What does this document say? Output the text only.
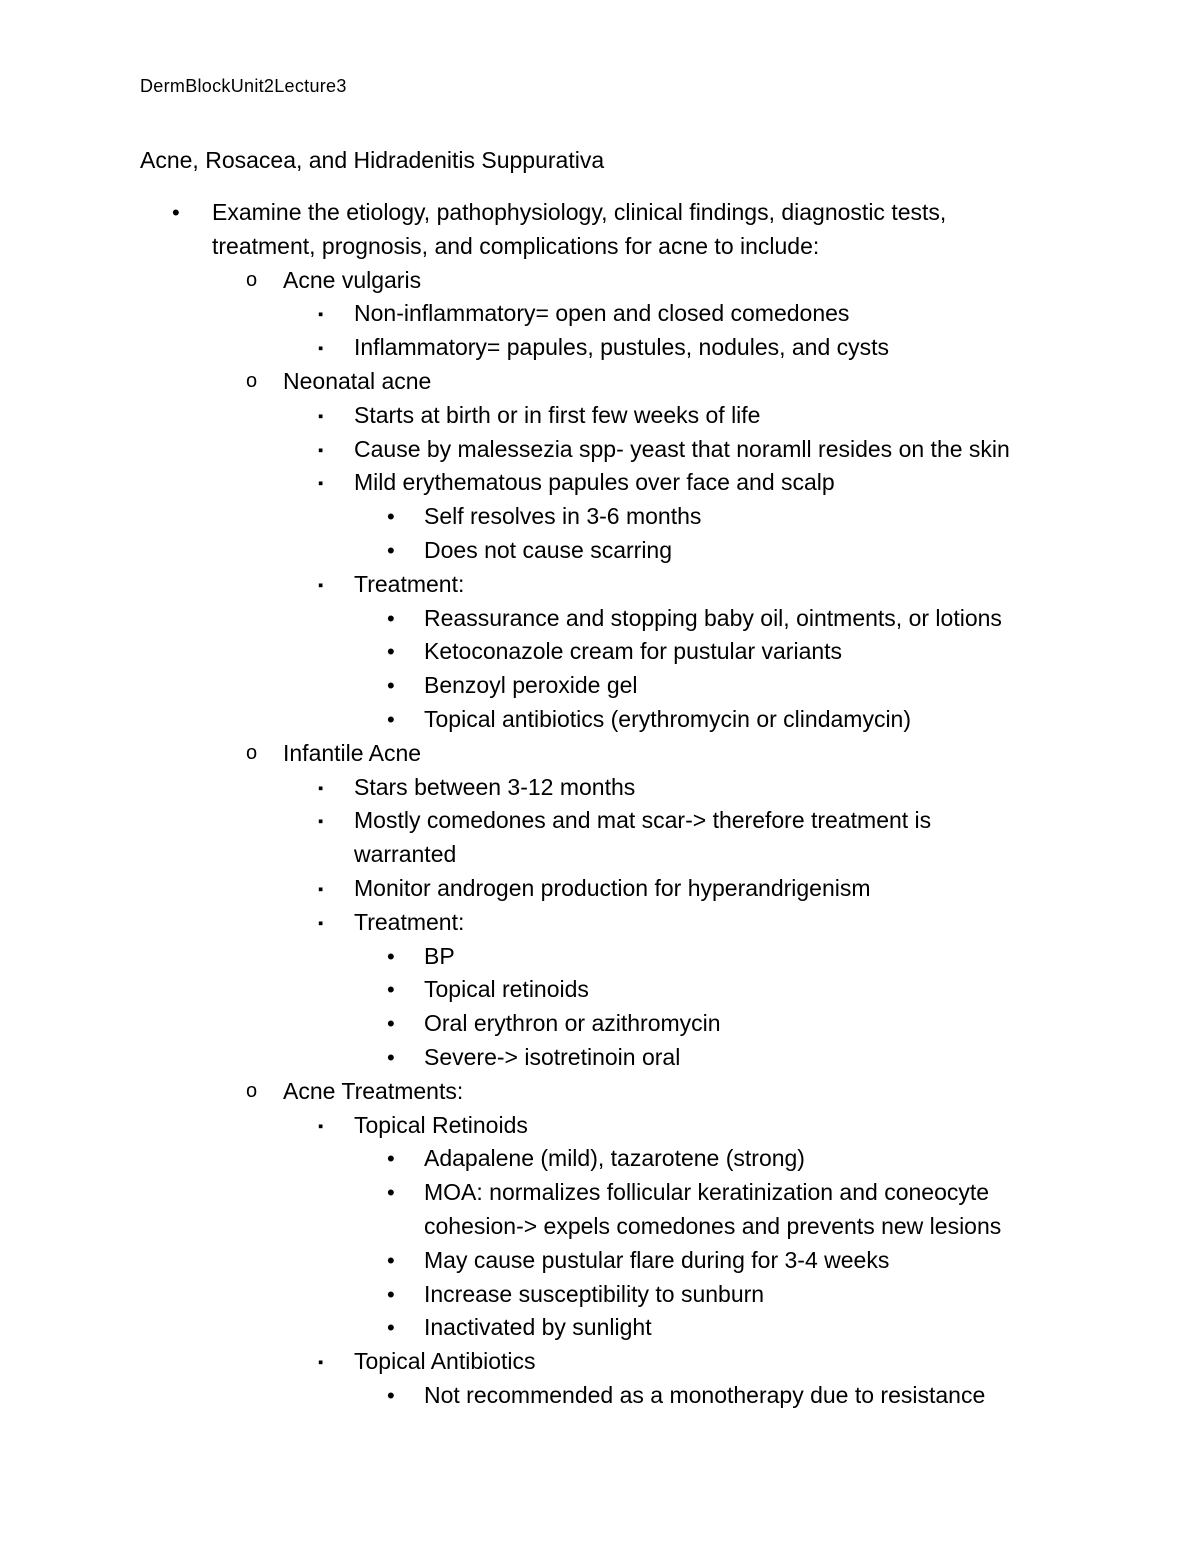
DermBlockUnit2Lecture3
Acne, Rosacea, and Hidradenitis Suppurativa
• Examine the etiology, pathophysiology, clinical findings, diagnostic tests,
treatment, prognosis, and complications for acne to include:
o Acne vulgaris
▪ Non-inflammatory= open and closed comedones
▪ Inflammatory= papules, pustules, nodules, and cysts
o Neonatal acne
▪ Starts at birth or in first few weeks of life
▪ Cause by malessezia spp- yeast that noramll resides on the skin
▪ Mild erythematous papules over face and scalp
• Self resolves in 3-6 months
• Does not cause scarring
▪ Treatment:
• Reassurance and stopping baby oil, ointments, or lotions
• Ketoconazole cream for pustular variants
• Benzoyl peroxide gel
• Topical antibiotics (erythromycin or clindamycin)
o Infantile Acne
▪ Stars between 3-12 months
▪ Mostly comedones and mat scar-> therefore treatment is
warranted
▪ Monitor androgen production for hyperandrigenism
▪ Treatment:
• BP
• Topical retinoids
• Oral erythron or azithromycin
• Severe-> isotretinoin oral
o Acne Treatments:
▪ Topical Retinoids
• Adapalene (mild), tazarotene (strong)
• MOA: normalizes follicular keratinization and coneocyte
cohesion-> expels comedones and prevents new lesions
• May cause pustular flare during for 3-4 weeks
• Increase susceptibility to sunburn
• Inactivated by sunlight
▪ Topical Antibiotics
• Not recommended as a monotherapy due to resistance
